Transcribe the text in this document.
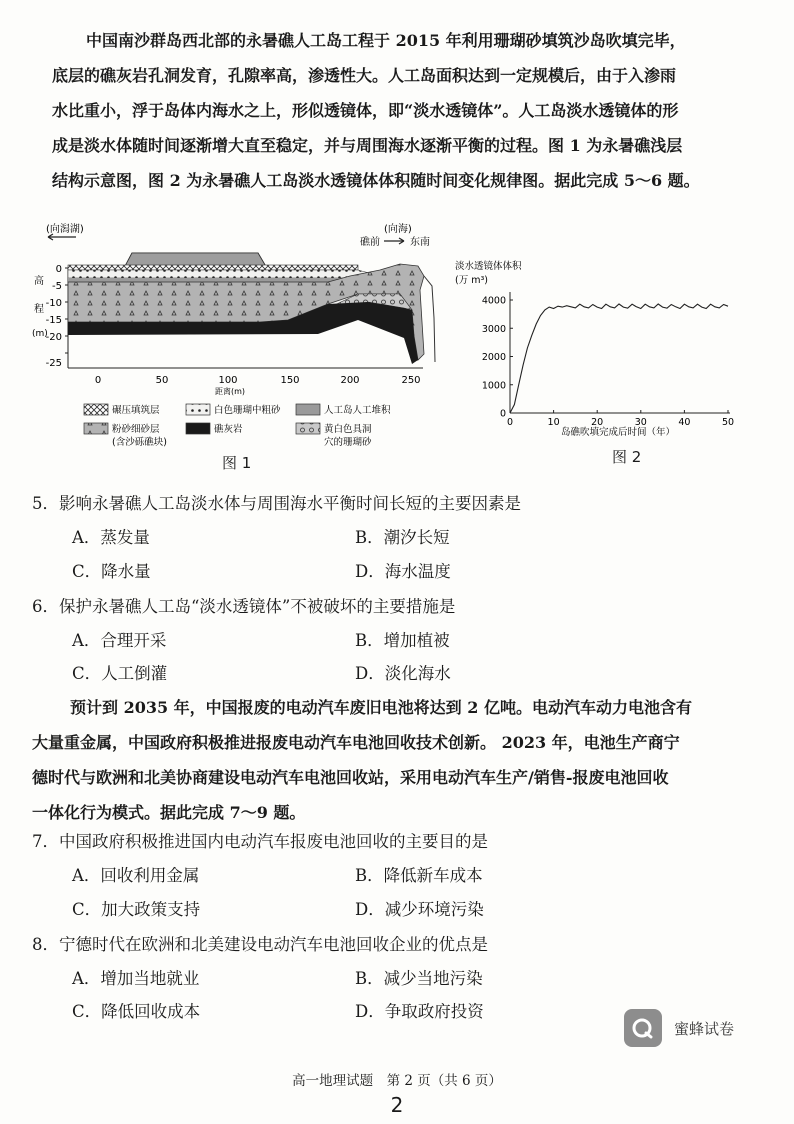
中国南沙群岛西北部的永暑礁人工岛工程于 2015 年利用珊瑚砂填筑沙岛吹填完毕，
底层的礁灰岩孔洞发育，孔隙率高，渗透性大。人工岛面积达到一定规模后，由于入渗雨
水比重小，浮于岛体内海水之上，形似透镜体，即“淡水透镜体”。人工岛淡水透镜体的形
成是淡水体随时间逐渐增大直至稳定，并与周围海水逐渐平衡的过程。图 1 为永暑礁浅层
结构示意图，图 2 为永暑礁人工岛淡水透镜体体积随时间变化规律图。据此完成 5～6 题。
(向潟湖)	(向海)
礁前	东南
0
-5
-10
-15
-20
-25
高
程
(m)
0	50	100	150	200	250
距离(m)
碾压填筑层	白色珊瑚中粗砂	人工岛人工堆积
粉砂细砂层
(含沙砾礁块)
礁灰岩	黄白色具洞
穴的珊瑚砂
图 1
淡水透镜体体积
(万 m³)
0
1000
2000
3000
4000
0	10	20	30	40	50
岛礁吹填完成后时间（年）
图 2
5．影响永暑礁人工岛淡水体与周围海水平衡时间长短的主要因素是
A．蒸发量	B．潮汐长短
C．降水量	D．海水温度
6．保护永暑礁人工岛“淡水透镜体”不被破坏的主要措施是
A．合理开采	B．增加植被
C．人工倒灌	D．淡化海水
预计到 2035 年，中国报废的电动汽车废旧电池将达到 2 亿吨。电动汽车动力电池含有
大量重金属，中国政府积极推进报废电动汽车电池回收技术创新。 2023 年，电池生产商宁
德时代与欧洲和北美协商建设电动汽车电池回收站，采用电动汽车生产/销售-报废电池回收
一体化行为模式。据此完成 7～9 题。
7．中国政府积极推进国内电动汽车报废电池回收的主要目的是
A．回收利用金属	B．降低新车成本
C．加大政策支持	D．减少环境污染
8．宁德时代在欧洲和北美建设电动汽车电池回收企业的优点是
A．增加当地就业	B．减少当地污染
C．降低回收成本	D．争取政府投资
蜜蜂试卷
高一地理试题　第 2 页（共 6 页）
2
